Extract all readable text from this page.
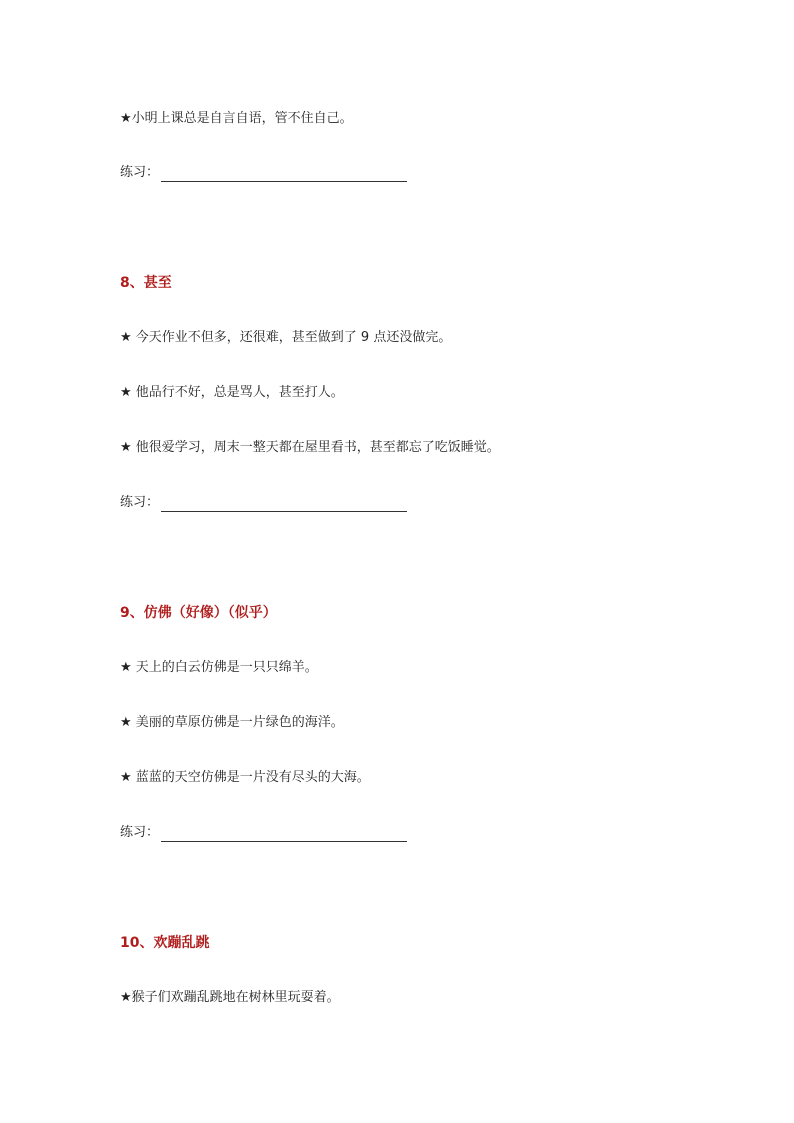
★小明上课总是自言自语，管不住自己。
练习：
8、甚至
★ 今天作业不但多，还很难，甚至做到了 9 点还没做完。
★ 他品行不好，总是骂人，甚至打人。
★ 他很爱学习，周末一整天都在屋里看书，甚至都忘了吃饭睡觉。
练习：
9、仿佛（好像）（似乎）
★ 天上的白云仿佛是一只只绵羊。
★ 美丽的草原仿佛是一片绿色的海洋。
★ 蓝蓝的天空仿佛是一片没有尽头的大海。
练习：
10、欢蹦乱跳
★猴子们欢蹦乱跳地在树林里玩耍着。
